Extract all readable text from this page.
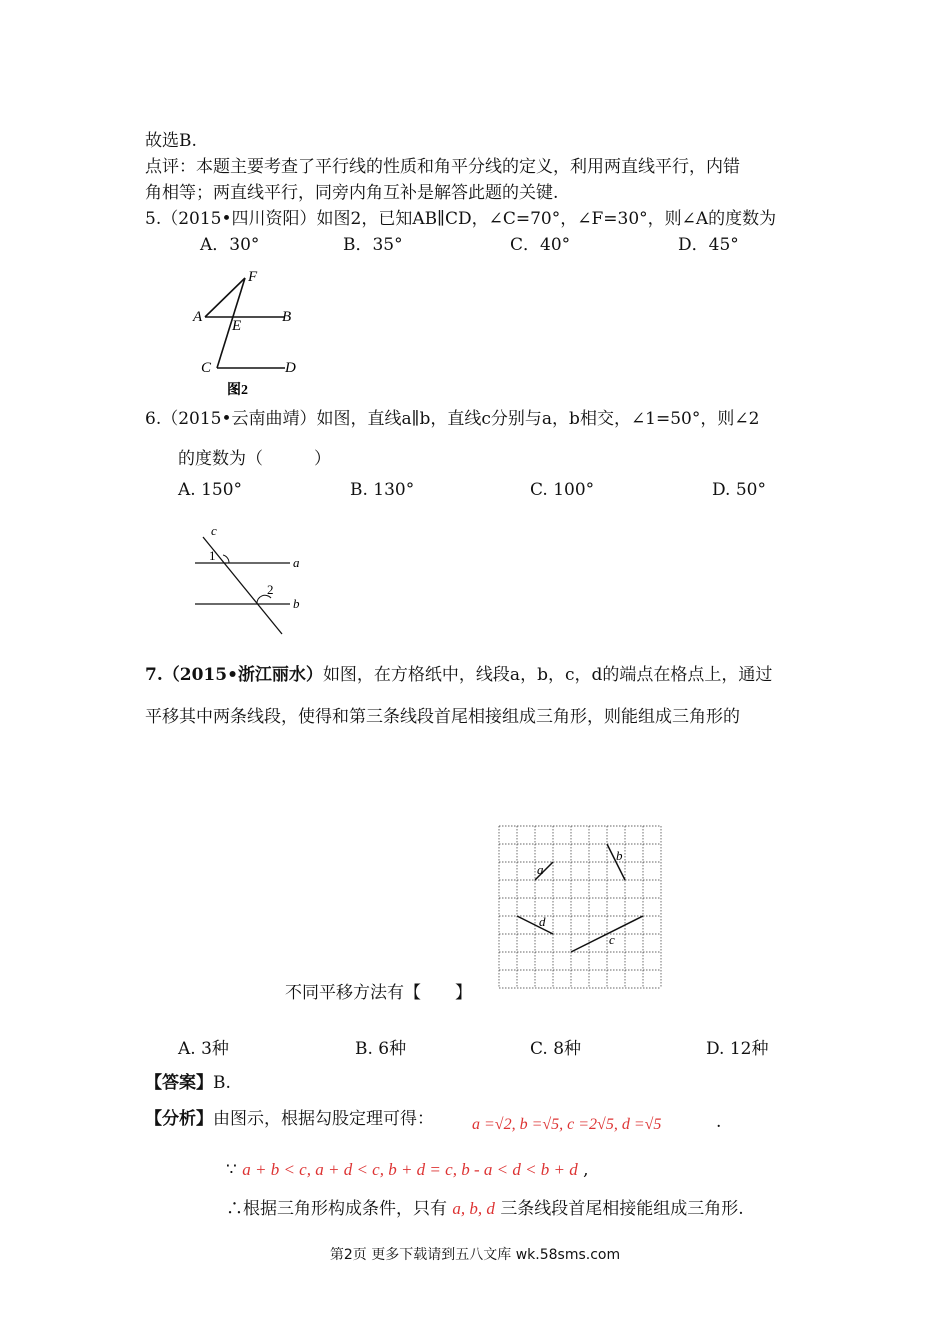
故选B.
点评：本题主要考查了平行线的性质和角平分线的定义，利用两直线平行，内错
角相等；两直线平行，同旁内角互补是解答此题的关键.
5.（2015•四川资阳）如图2，已知AB∥CD，∠C=70°，∠F=30°，则∠A的度数为
A．30°	B．35°	C．40°	D．45°
F
A
E
B
C	D
图2
6.（2015•云南曲靖）如图，直线a∥b，直线c分别与a，b相交，∠1=50°，则∠2
的度数为（　　　）
A. 150°	B. 130°	C. 100°	D. 50°
c
1	a
2
b
7.（2015•浙江丽水）如图，在方格纸中，线段a，b，c，d的端点在格点上，通过
平移其中两条线段，使得和第三条线段首尾相接组成三角形，则能组成三角形的
a
b
d
c
不同平移方法有【　　】
A. 3种	B. 6种	C. 8种	D. 12种
【答案】B.
【分析】由图示，根据勾股定理可得： a =√2, b =√5, c =2√5, d =√5	.
∵ a + b < c, a + d < c, b + d = c, b - a < d < b + d ,
∴根据三角形构成条件，只有 a, b, d 三条线段首尾相接能组成三角形.
第2页 更多下载请到五八文库 wk.58sms.com
